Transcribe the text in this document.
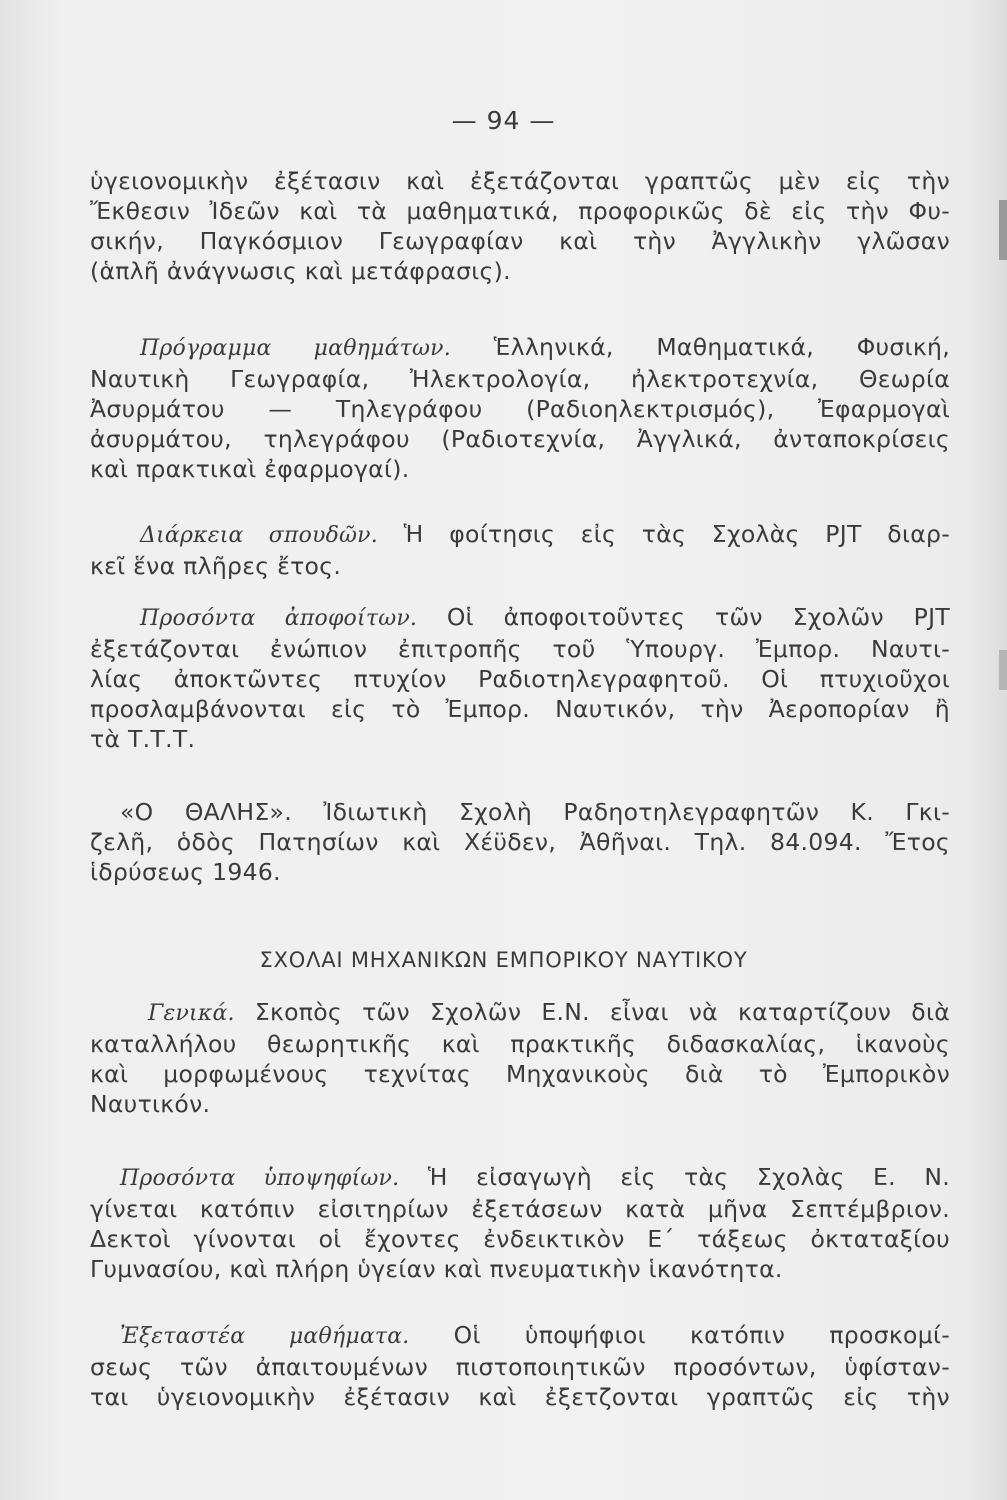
— 94 —

ὑγειονομικὴν ἐξέτασιν καὶ ἐξετάζονται γραπτῶς μὲν εἰς τὴν
Ἔκθεσιν Ἰδεῶν καὶ τὰ μαθηματικά, προφορικῶς δὲ εἰς τὴν Φυ-
σικήν, Παγκόσμιον Γεωγραφίαν καὶ τὴν Ἀγγλικὴν γλῶσαν
(ἁπλῆ ἀνάγνωσις καὶ μετάφρασις).

Πρόγραμμα μαθημάτων. Ἑλληνικά, Μαθηματικά, Φυσική,
Ναυτικὴ Γεωγραφία, Ἠλεκτρολογία, ἠλεκτροτεχνία, Θεωρία
Ἀσυρμάτου — Τηλεγράφου (Ραδιοηλεκτρισμός), Ἐφαρμογαὶ
ἀσυρμάτου, τηλεγράφου (Ραδιοτεχνία, Ἀγγλικά, ἀνταποκρίσεις
καὶ πρακτικαὶ ἐφαρμογαί).

Διάρκεια σπουδῶν. Ἡ φοίτησις εἰς τὰς Σχολὰς PJT διαρ-
κεῖ ἕνα πλῆρες ἔτος.

Προσόντα ἀποφοίτων. Οἱ ἀποφοιτοῦντες τῶν Σχολῶν PJT
ἐξετάζονται ἐνώπιον ἐπιτροπῆς τοῦ Ὑπουργ. Ἐμπορ. Ναυτι-
λίας ἀποκτῶντες πτυχίον Ραδιοτηλεγραφητοῦ. Οἱ πτυχιοῦχοι
προσλαμβάνονται εἰς τὸ Ἐμπορ. Ναυτικόν, τὴν Ἀεροπορίαν ἢ
τὰ Τ.Τ.Τ.

«Ο ΘΑΛΗΣ». Ἰδιωτικὴ Σχολὴ Ραδηοτηλεγραφητῶν Κ. Γκι-
ζελῆ, ὁδὸς Πατησίων καὶ Χέϋδεν, Ἀθῆναι. Τηλ. 84.094. Ἔτος
ἱδρύσεως 1946.

ΣΧΟΛΑΙ ΜΗΧΑΝΙΚΩΝ ΕΜΠΟΡΙΚΟΥ ΝΑΥΤΙΚΟΥ

Γενικά. Σκοπὸς τῶν Σχολῶν Ε.Ν. εἶναι νὰ καταρτίζουν διὰ
καταλλήλου θεωρητικῆς καὶ πρακτικῆς διδασκαλίας, ἱκανοὺς
καὶ μορφωμένους τεχνίτας Μηχανικοὺς διὰ τὸ Ἐμπορικὸν
Ναυτικόν.

Προσόντα ὑποψηφίων. Ἡ εἰσαγωγὴ εἰς τὰς Σχολὰς Ε. Ν.
γίνεται κατόπιν εἰσιτηρίων ἐξετάσεων κατὰ μῆνα Σεπτέμβριον.
Δεκτοὶ γίνονται οἱ ἔχοντες ἐνδεικτικὸν Ε΄ τάξεως ὀκταταξίου
Γυμνασίου, καὶ πλήρη ὑγείαν καὶ πνευματικὴν ἱκανότητα.

Ἐξεταστέα μαθήματα. Οἱ ὑποψήφιοι κατόπιν προσκομί-
σεως τῶν ἀπαιτουμένων πιστοποιητικῶν προσόντων, ὑφίσταν-
ται ὑγειονομικὴν ἐξέτασιν καὶ ἐξετζονται γραπτῶς εἰς τὴν
